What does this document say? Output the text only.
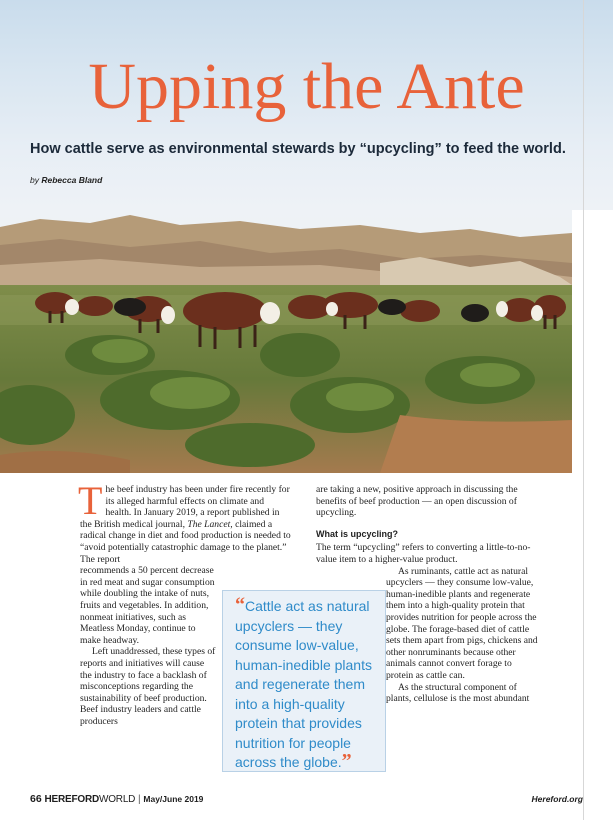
Upping the Ante

How cattle serve as environmental stewards by “upcycling” to feed the world.

by Rebecca Bland

The beef industry has been under fire recently for its alleged harmful effects on climate and health. In January 2019, a report published in the British medical journal, The Lancet, claimed a radical change in diet and food production is needed to “avoid potentially catastrophic damage to the planet.” The report

recommends a 50 percent decrease in red meat and sugar consumption while doubling the intake of nuts, fruits and vegetables. In addition, nonmeat initiatives, such as Meatless Monday, continue to make headway.

Left unaddressed, these types of reports and initiatives will cause the industry to face a backlash of misconceptions regarding the sustainability of beef production. Beef industry leaders and cattle producers

are taking a new, positive approach in discussing the benefits of beef production — an open discussion of upcycling.

What is upcycling?

The term “upcycling” refers to converting a little-to-no-value item to a higher-value product.

As ruminants, cattle act as natural upcyclers — they consume low-value, human-inedible plants and regenerate them into a high-quality protein that provides nutrition for people across the globe. The forage-based diet of cattle sets them apart from pigs, chickens and other nonruminants because other animals cannot convert forage to protein as cattle can.

As the structural component of plants, cellulose is the most abundant

“Cattle act as natural upcyclers — they consume low-value, human-inedible plants and regenerate them into a high-quality protein that provides nutrition for people across the globe.”
66 HEREFORDWORLD | May/June 2019	Hereford.org
